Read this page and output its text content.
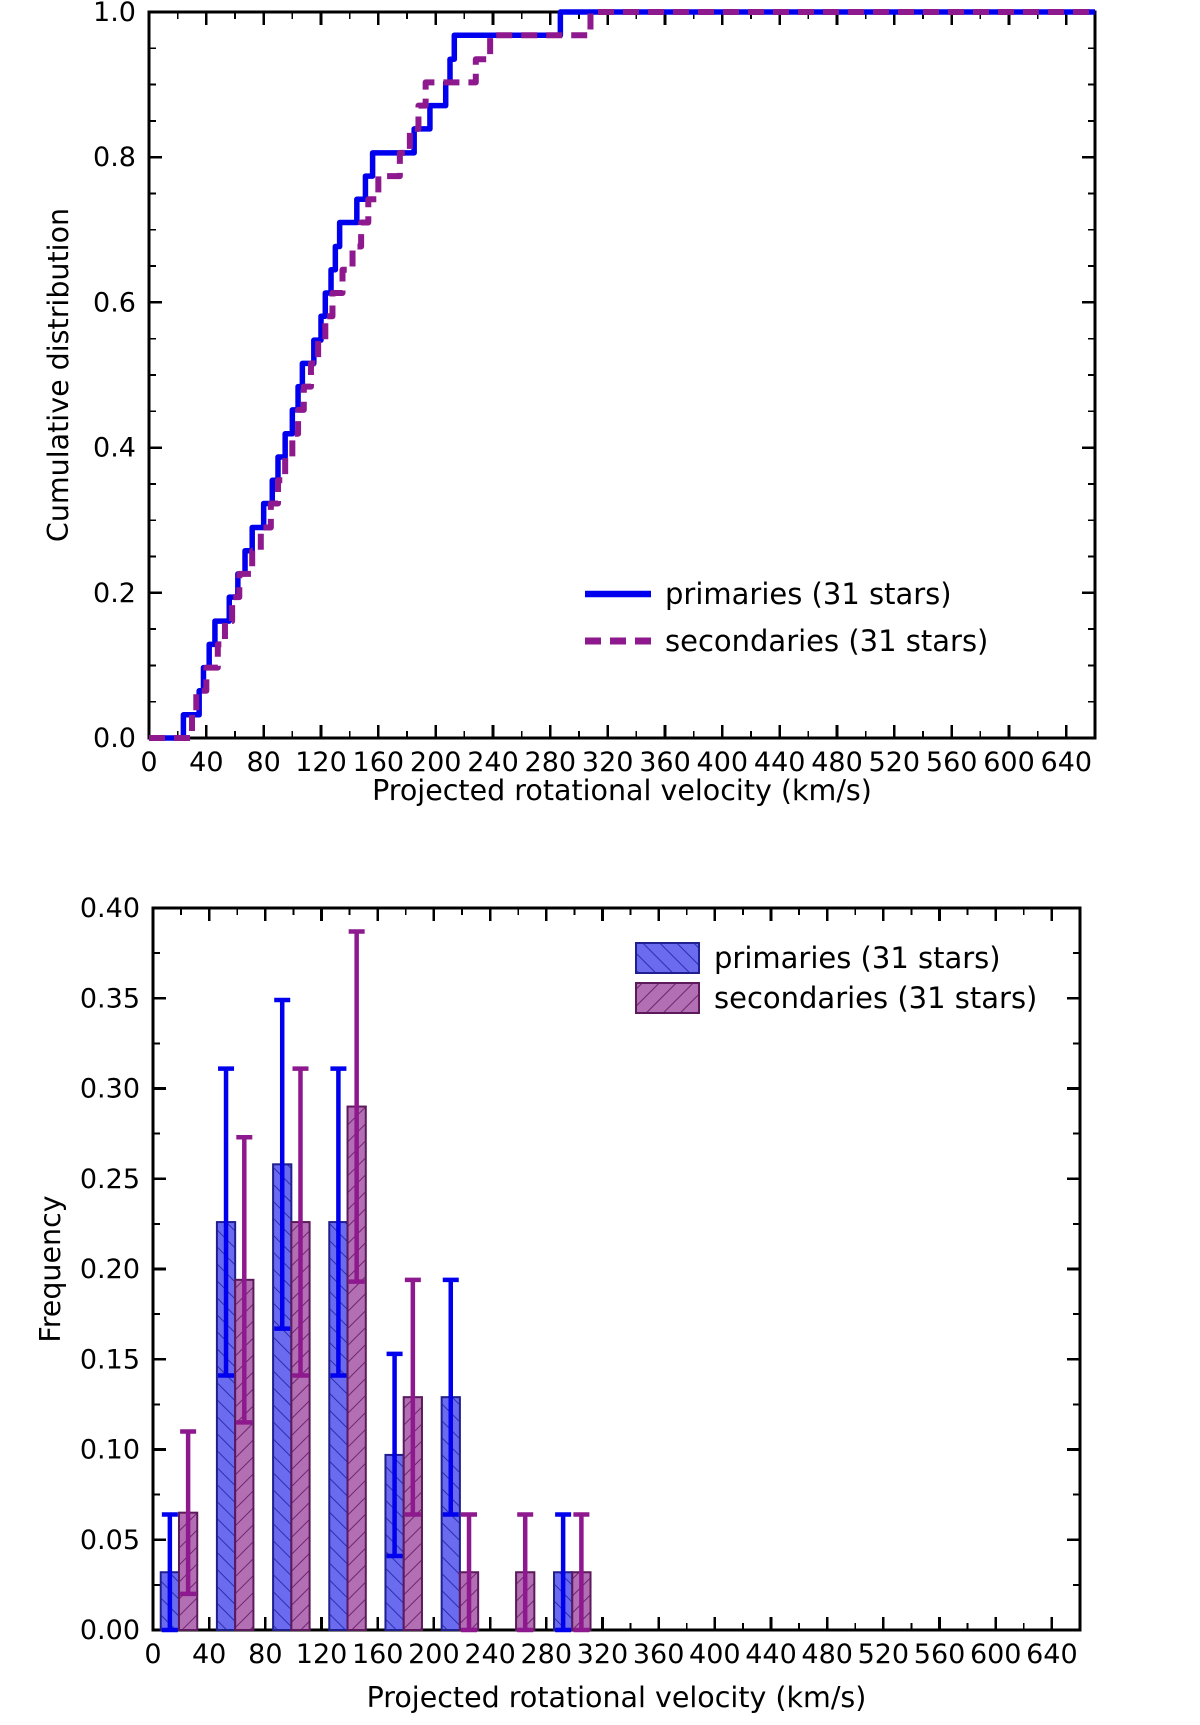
0 40 80 120 160 200 240 280 320 360 400 440 480 520 560 600 640
0.0
0.2
0.4
0.6
0.8
1.0
Projected rotational velocity (km/s)
Cumulative distribution
primaries (31 stars)
secondaries (31 stars)
0 40 80 120 160 200 240 280 320 360 400 440 480 520 560 600 640
0.00
0.05
0.10
0.15
0.20
0.25
0.30
0.35
0.40
Projected rotational velocity (km/s)
Frequency
primaries (31 stars)
secondaries (31 stars)
